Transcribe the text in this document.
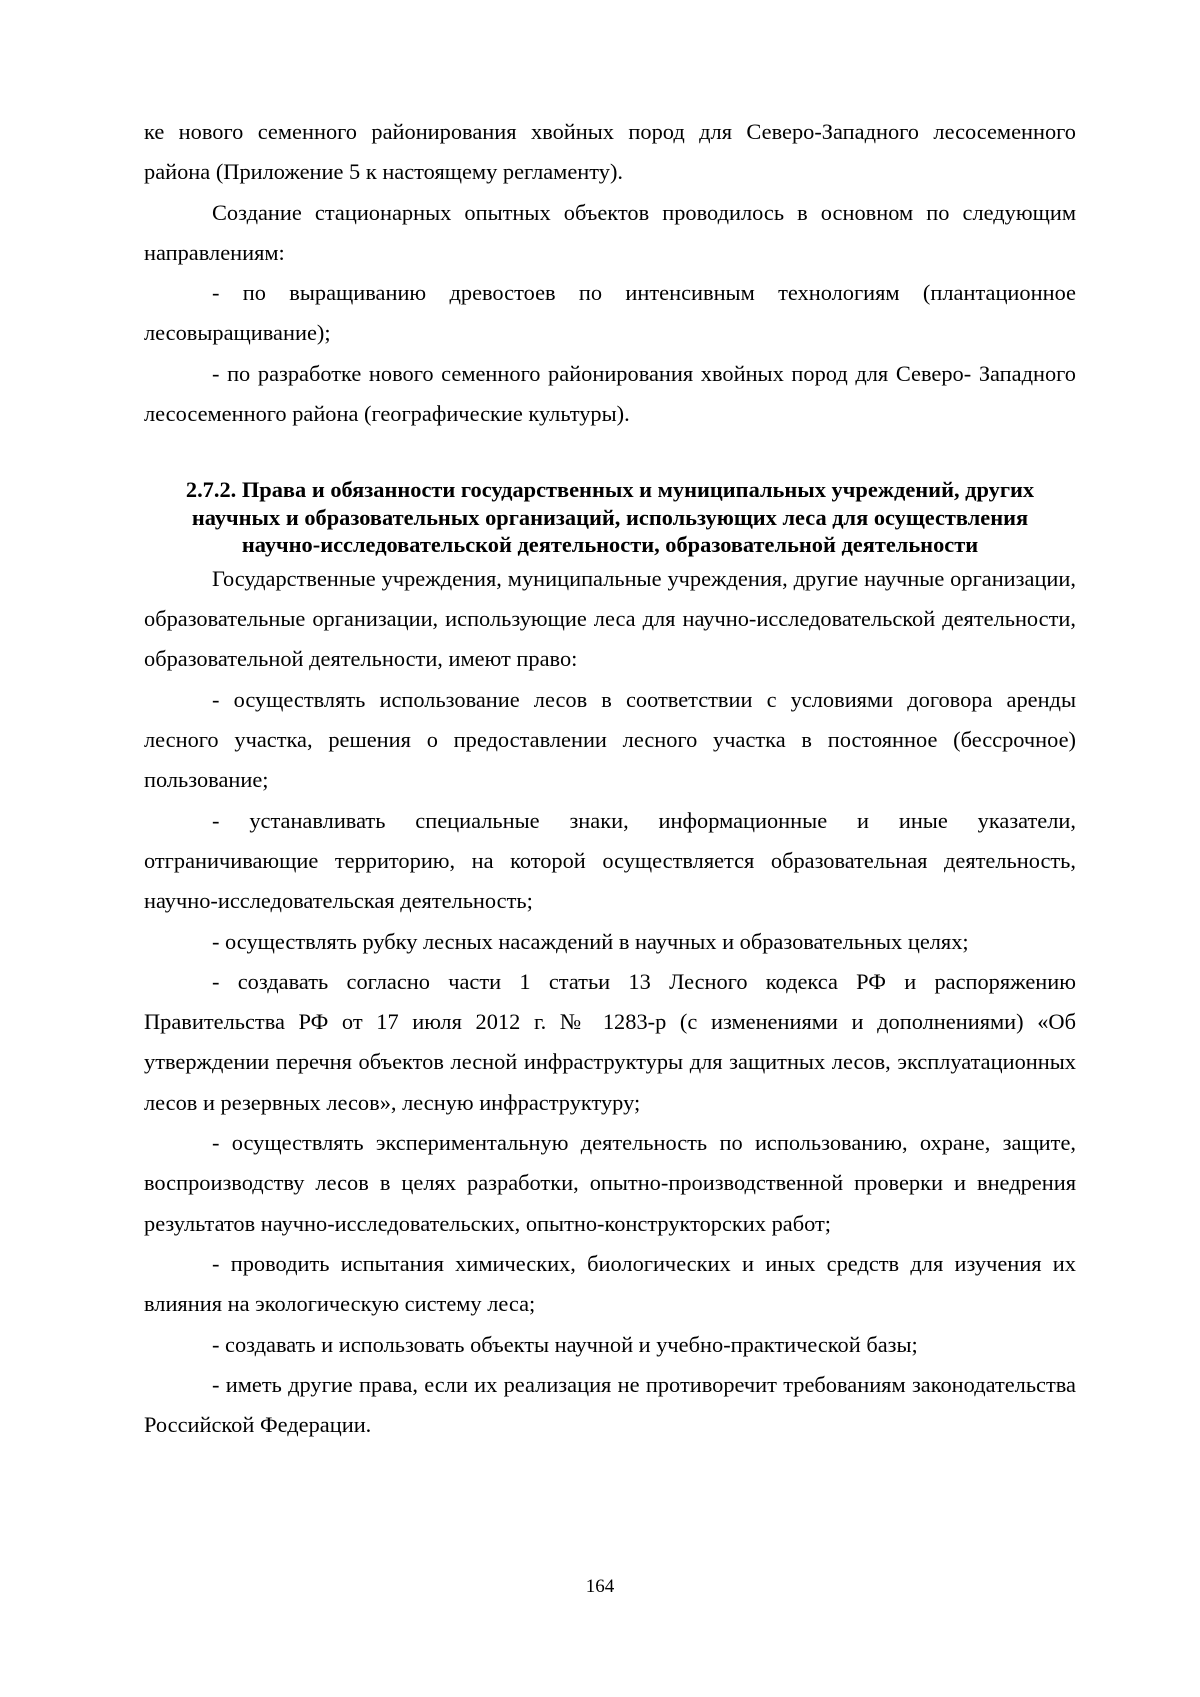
ке нового семенного районирования хвойных пород для Северо-Западного лесосеменного района (Приложение 5 к настоящему регламенту).

Создание стационарных опытных объектов проводилось в основном по следующим направлениям:

- по выращиванию древостоев по интенсивным технологиям (плантационное лесовыращивание);

- по разработке нового семенного районирования хвойных пород для Северо- Западного лесосеменного района (географические культуры).

2.7.2. Права и обязанности государственных и муниципальных учреждений, других
научных и образовательных организаций, использующих леса для осуществления
научно-исследовательской деятельности, образовательной деятельности

Государственные учреждения, муниципальные учреждения, другие научные организации, образовательные организации, использующие леса для научно-исследовательской деятельности, образовательной деятельности, имеют право:

- осуществлять использование лесов в соответствии с условиями договора аренды лесного участка, решения о предоставлении лесного участка в постоянное (бессрочное) пользование;

- устанавливать специальные знаки, информационные и иные указатели, отграничивающие территорию, на которой осуществляется образовательная деятельность, научно-исследовательская деятельность;

- осуществлять рубку лесных насаждений в научных и образовательных целях;

- создавать согласно части 1 статьи 13 Лесного кодекса РФ и распоряжению Правительства РФ от 17 июля 2012 г. № 1283-р (с изменениями и дополнениями) «Об утверждении перечня объектов лесной инфраструктуры для защитных лесов, эксплуатационных лесов и резервных лесов», лесную инфраструктуру;

- осуществлять экспериментальную деятельность по использованию, охране, защите, воспроизводству лесов в целях разработки, опытно-производственной проверки и внедрения результатов научно-исследовательских, опытно-конструкторских работ;

- проводить испытания химических, биологических и иных средств для изучения их влияния на экологическую систему леса;

- создавать и использовать объекты научной и учебно-практической базы;

- иметь другие права, если их реализация не противоречит требованиям законодательства Российской Федерации.

164
